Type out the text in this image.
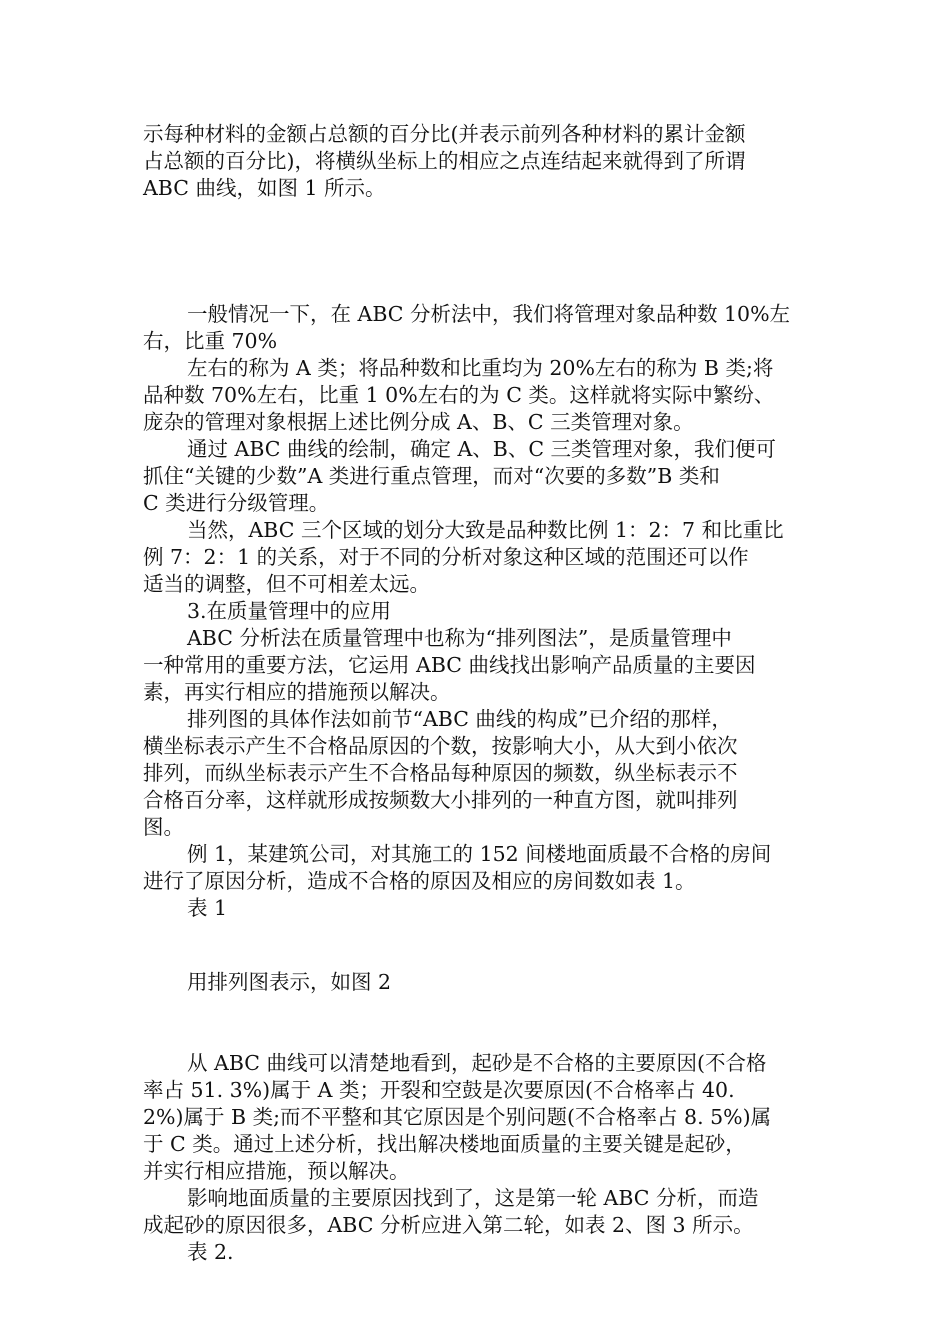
示每种材料的金额占总额的百分比(并表示前列各种材料的累计金额
占总额的百分比)，将横纵坐标上的相应之点连结起来就得到了所谓
ABC 曲线，如图 1 所示。
一般情况一下，在 ABC 分析法中，我们将管理对象品种数 10%左
右，比重 70%
左右的称为 A 类；将品种数和比重均为 20%左右的称为 B 类;将
品种数 70%左右，比重 1 0%左右的为 C 类。这样就将实际中繁纷、
庞杂的管理对象根据上述比例分成 A、B、C 三类管理对象。
通过 ABC 曲线的绘制，确定 A、B、C 三类管理对象，我们便可
抓住“关键的少数”A 类进行重点管理，而对“次要的多数”B 类和
C 类进行分级管理。
当然，ABC 三个区域的划分大致是品种数比例 1：2：7 和比重比
例 7：2：1 的关系，对于不同的分析对象这种区域的范围还可以作
适当的调整，但不可相差太远。
3.在质量管理中的应用
ABC 分析法在质量管理中也称为“排列图法”，是质量管理中
一种常用的重要方法，它运用 ABC 曲线找出影响产品质量的主要因
素，再实行相应的措施预以解决。
排列图的具体作法如前节“ABC 曲线的构成”已介绍的那样，
横坐标表示产生不合格品原因的个数，按影响大小，从大到小依次
排列，而纵坐标表示产生不合格品每种原因的频数，纵坐标表示不
合格百分率，这样就形成按频数大小排列的一种直方图，就叫排列
图。
例 1，某建筑公司，对其施工的 152 间楼地面质最不合格的房间
进行了原因分析，造成不合格的原因及相应的房间数如表 1。
表 1
用排列图表示，如图 2
从 ABC 曲线可以清楚地看到，起砂是不合格的主要原因(不合格
率占 51. 3%)属于 A 类；开裂和空鼓是次要原因(不合格率占 40.
2%)属于 B 类;而不平整和其它原因是个别问题(不合格率占 8. 5%)属
于 C 类。通过上述分析，找出解决楼地面质量的主要关键是起砂，
并实行相应措施，预以解决。
影响地面质量的主要原因找到了，这是第一轮 ABC 分析，而造
成起砂的原因很多，ABC 分析应进入第二轮，如表 2、图 3 所示。
表 2.
